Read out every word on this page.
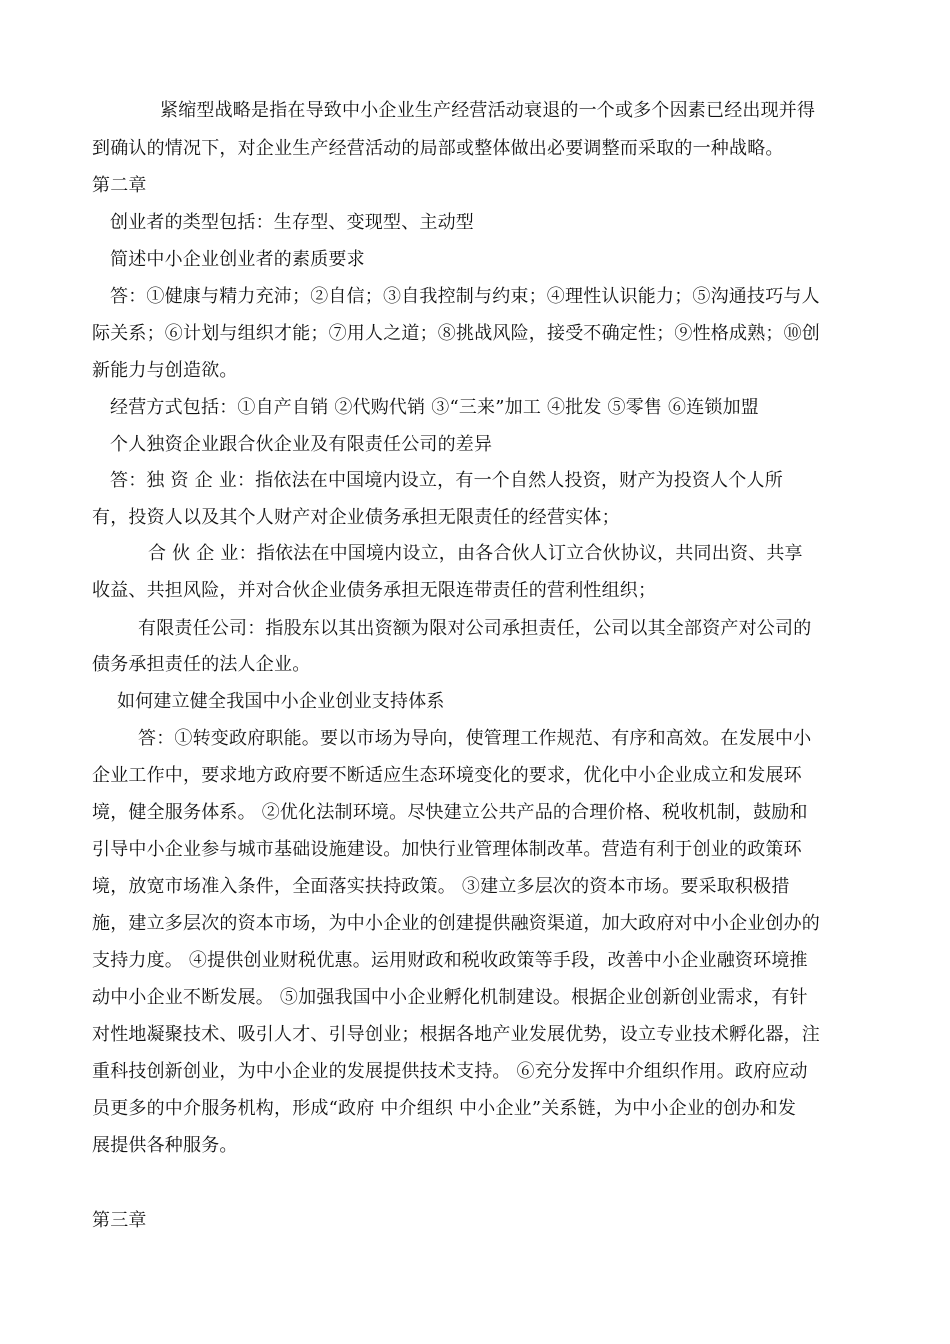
紧缩型战略是指在导致中小企业生产经营活动衰退的一个或多个因素已经出现并得
到确认的情况下，对企业生产经营活动的局部或整体做出必要调整而采取的一种战略。
第二章
创业者的类型包括：生存型、变现型、主动型
简述中小企业创业者的素质要求
答：①健康与精力充沛；②自信；③自我控制与约束；④理性认识能力；⑤沟通技巧与人
际关系；⑥计划与组织才能；⑦用人之道；⑧挑战风险，接受不确定性；⑨性格成熟；⑩创
新能力与创造欲。
经营方式包括：①自产自销 ②代购代销 ③“三来”加工 ④批发 ⑤零售 ⑥连锁加盟
个人独资企业跟合伙企业及有限责任公司的差异
答：独 资 企 业：指依法在中国境内设立，有一个自然人投资，财产为投资人个人所
有，投资人以及其个人财产对企业债务承担无限责任的经营实体；
合 伙 企 业：指依法在中国境内设立，由各合伙人订立合伙协议，共同出资、共享
收益、共担风险，并对合伙企业债务承担无限连带责任的营利性组织；
有限责任公司：指股东以其出资额为限对公司承担责任，公司以其全部资产对公司的
债务承担责任的法人企业。
如何建立健全我国中小企业创业支持体系
答：①转变政府职能。要以市场为导向，使管理工作规范、有序和高效。在发展中小
企业工作中，要求地方政府要不断适应生态环境变化的要求，优化中小企业成立和发展环
境，健全服务体系。 ②优化法制环境。尽快建立公共产品的合理价格、税收机制，鼓励和
引导中小企业参与城市基础设施建设。加快行业管理体制改革。营造有利于创业的政策环
境，放宽市场准入条件，全面落实扶持政策。 ③建立多层次的资本市场。要采取积极措
施，建立多层次的资本市场，为中小企业的创建提供融资渠道，加大政府对中小企业创办的
支持力度。 ④提供创业财税优惠。运用财政和税收政策等手段，改善中小企业融资环境推
动中小企业不断发展。 ⑤加强我国中小企业孵化机制建设。根据企业创新创业需求，有针
对性地凝聚技术、吸引人才、引导创业；根据各地产业发展优势，设立专业技术孵化器，注
重科技创新创业，为中小企业的发展提供技术支持。 ⑥充分发挥中介组织作用。政府应动
员更多的中介服务机构，形成“政府 中介组织 中小企业”关系链，为中小企业的创办和发
展提供各种服务。
第三章
